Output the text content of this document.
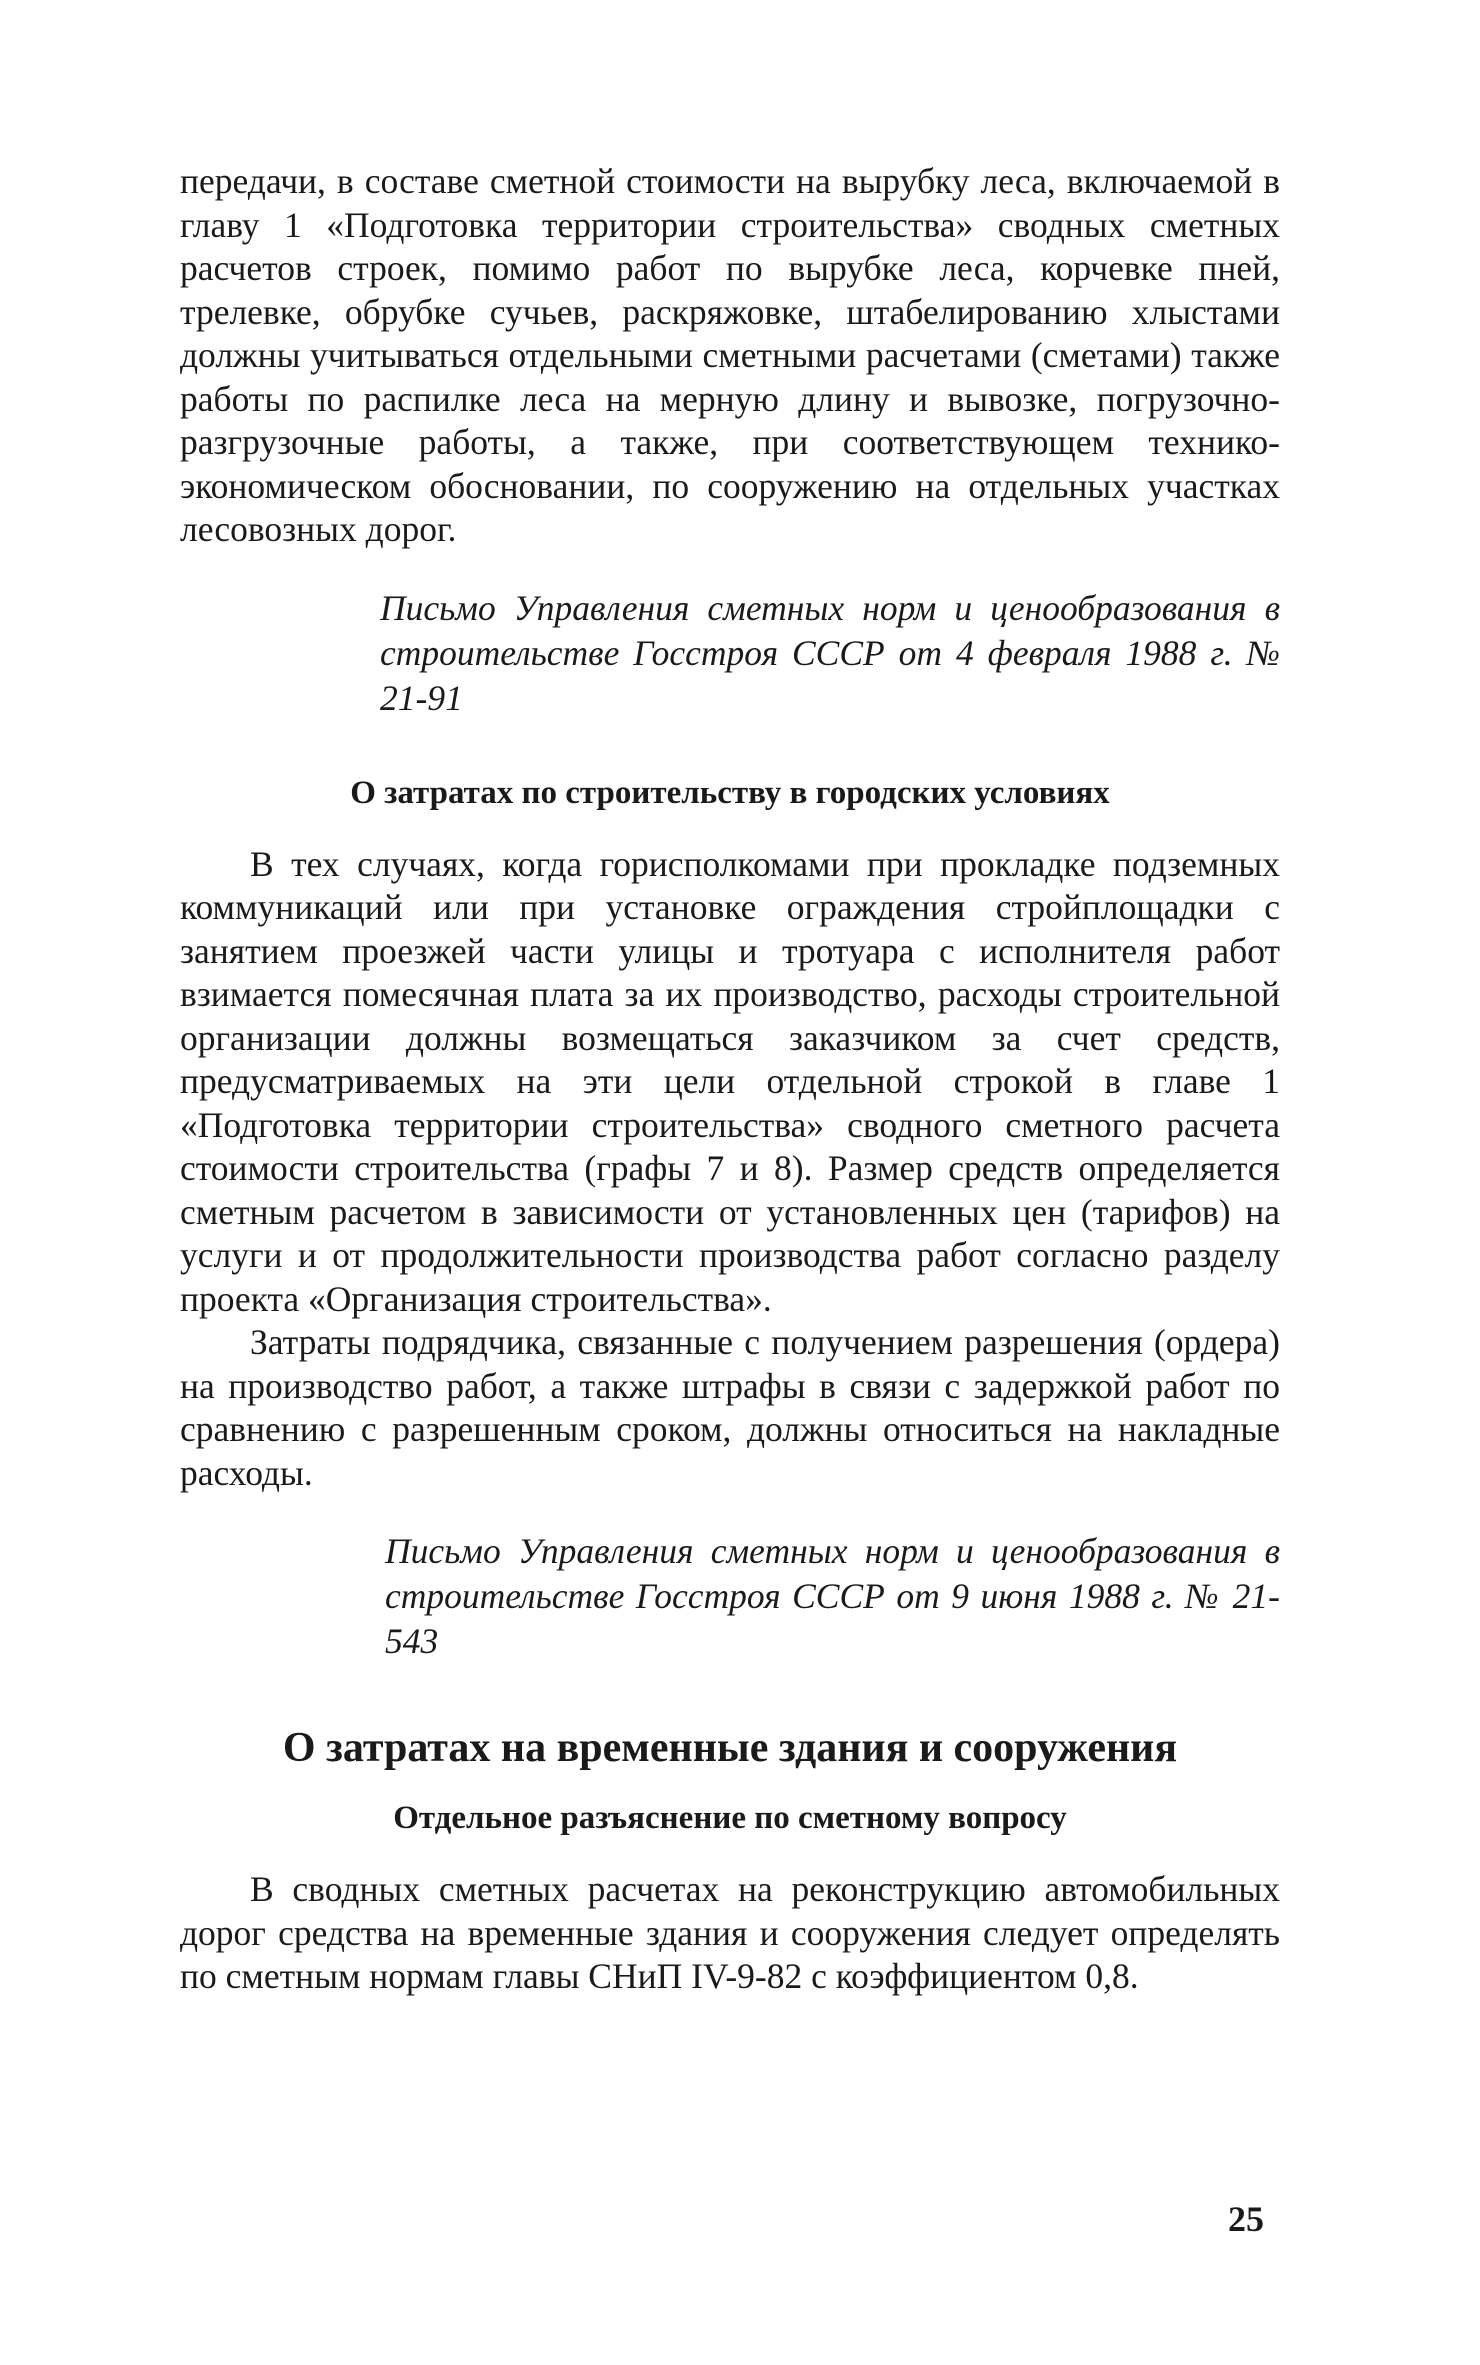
передачи, в составе сметной стоимости на вырубку леса, включаемой в главу 1 «Подготовка территории строительства» сводных сметных расчетов строек, помимо работ по вырубке леса, корчевке пней, трелевке, обрубке сучьев, раскряжовке, штабелированию хлыстами должны учитываться отдельными сметными расчетами (сметами) также работы по распилке леса на мерную длину и вывозке, погрузочно-разгрузочные работы, а также, при соответствующем технико-экономическом обосновании, по сооружению на отдельных участках лесовозных дорог.

Письмо Управления сметных норм и ценообразования в строительстве Госстроя СССР от 4 февраля 1988 г. № 21-91

О затратах по строительству в городских условиях

В тех случаях, когда горисполкомами при прокладке подземных коммуникаций или при установке ограждения стройплощадки с занятием проезжей части улицы и тротуара с исполнителя работ взимается помесячная плата за их производство, расходы строительной организации должны возмещаться заказчиком за счет средств, предусматриваемых на эти цели отдельной строкой в главе 1 «Подготовка территории строительства» сводного сметного расчета стоимости строительства (графы 7 и 8). Размер средств определяется сметным расчетом в зависимости от установленных цен (тарифов) на услуги и от продолжительности производства работ согласно разделу проекта «Организация строительства».

Затраты подрядчика, связанные с получением разрешения (ордера) на производство работ, а также штрафы в связи с задержкой работ по сравнению с разрешенным сроком, должны относиться на накладные расходы.

Письмо Управления сметных норм и ценообразования в строительстве Госстроя СССР от 9 июня 1988 г. № 21-543

О затратах на временные здания и сооружения
Отдельное разъяснение по сметному вопросу

В сводных сметных расчетах на реконструкцию автомобильных дорог средства на временные здания и сооружения следует определять по сметным нормам главы СНиП IV-9-82 с коэффициентом 0,8.

25
